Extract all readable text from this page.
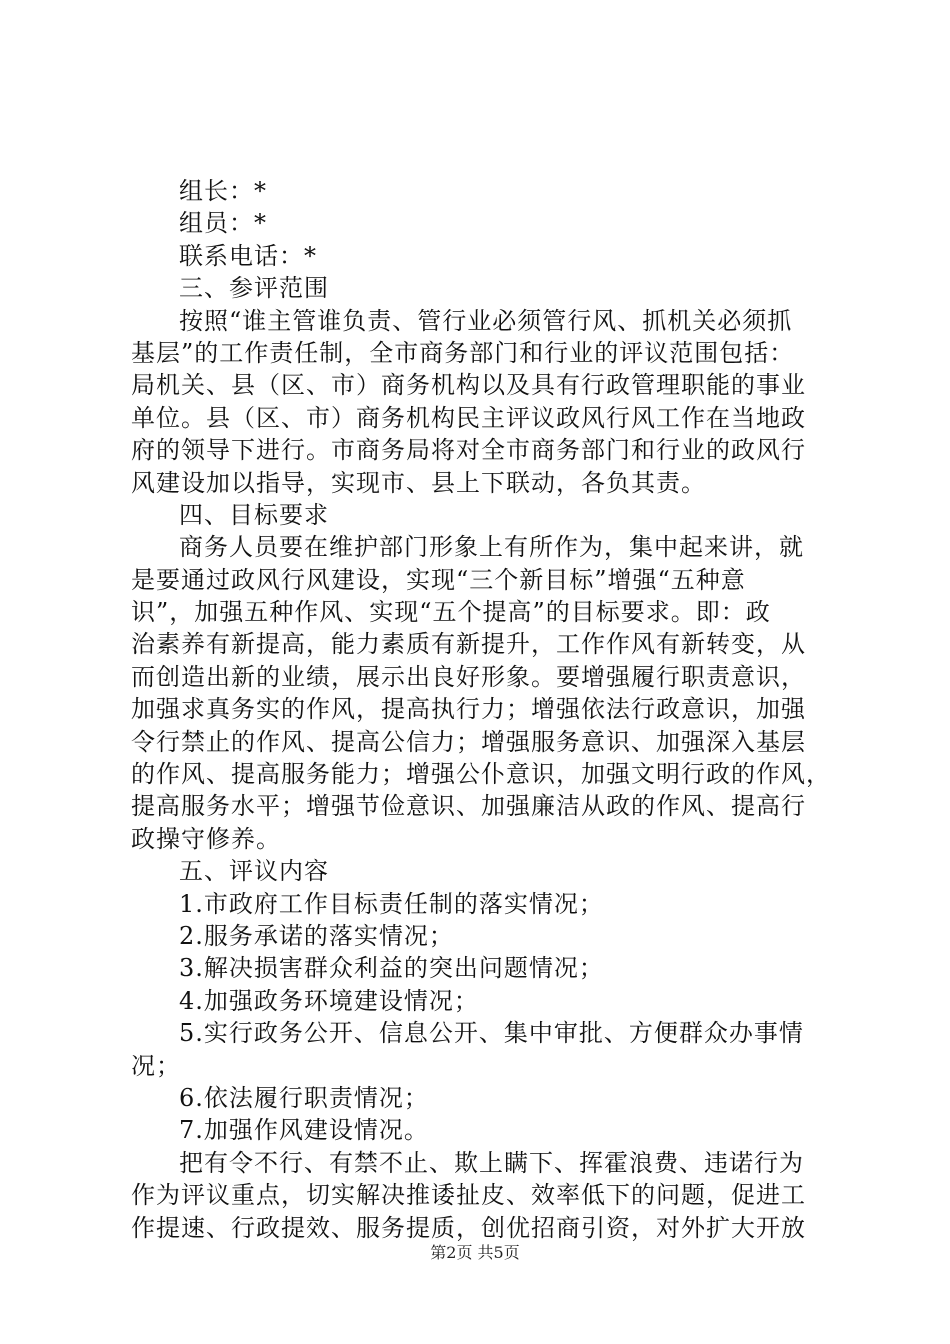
组长：*
组员：*
联系电话：*
三、参评范围
按照“谁主管谁负责、管行业必须管行风、抓机关必须抓
基层”的工作责任制，全市商务部门和行业的评议范围包括：
局机关、县（区、市）商务机构以及具有行政管理职能的事业
单位。县（区、市）商务机构民主评议政风行风工作在当地政
府的领导下进行。市商务局将对全市商务部门和行业的政风行
风建设加以指导，实现市、县上下联动，各负其责。
四、目标要求
商务人员要在维护部门形象上有所作为，集中起来讲，就
是要通过政风行风建设，实现“三个新目标”增强“五种意
识”，加强五种作风、实现“五个提高”的目标要求。即：政
治素养有新提高，能力素质有新提升，工作作风有新转变，从
而创造出新的业绩，展示出良好形象。要增强履行职责意识，
加强求真务实的作风，提高执行力；增强依法行政意识，加强
令行禁止的作风、提高公信力；增强服务意识、加强深入基层
的作风、提高服务能力；增强公仆意识，加强文明行政的作风，
提高服务水平；增强节俭意识、加强廉洁从政的作风、提高行
政操守修养。
五、评议内容
1.市政府工作目标责任制的落实情况；
2.服务承诺的落实情况；
3.解决损害群众利益的突出问题情况；
4.加强政务环境建设情况；
5.实行政务公开、信息公开、集中审批、方便群众办事情
况；
6.依法履行职责情况；
7.加强作风建设情况。
把有令不行、有禁不止、欺上瞒下、挥霍浪费、违诺行为
作为评议重点，切实解决推诿扯皮、效率低下的问题，促进工
作提速、行政提效、服务提质，创优招商引资，对外扩大开放
第2页 共5页
